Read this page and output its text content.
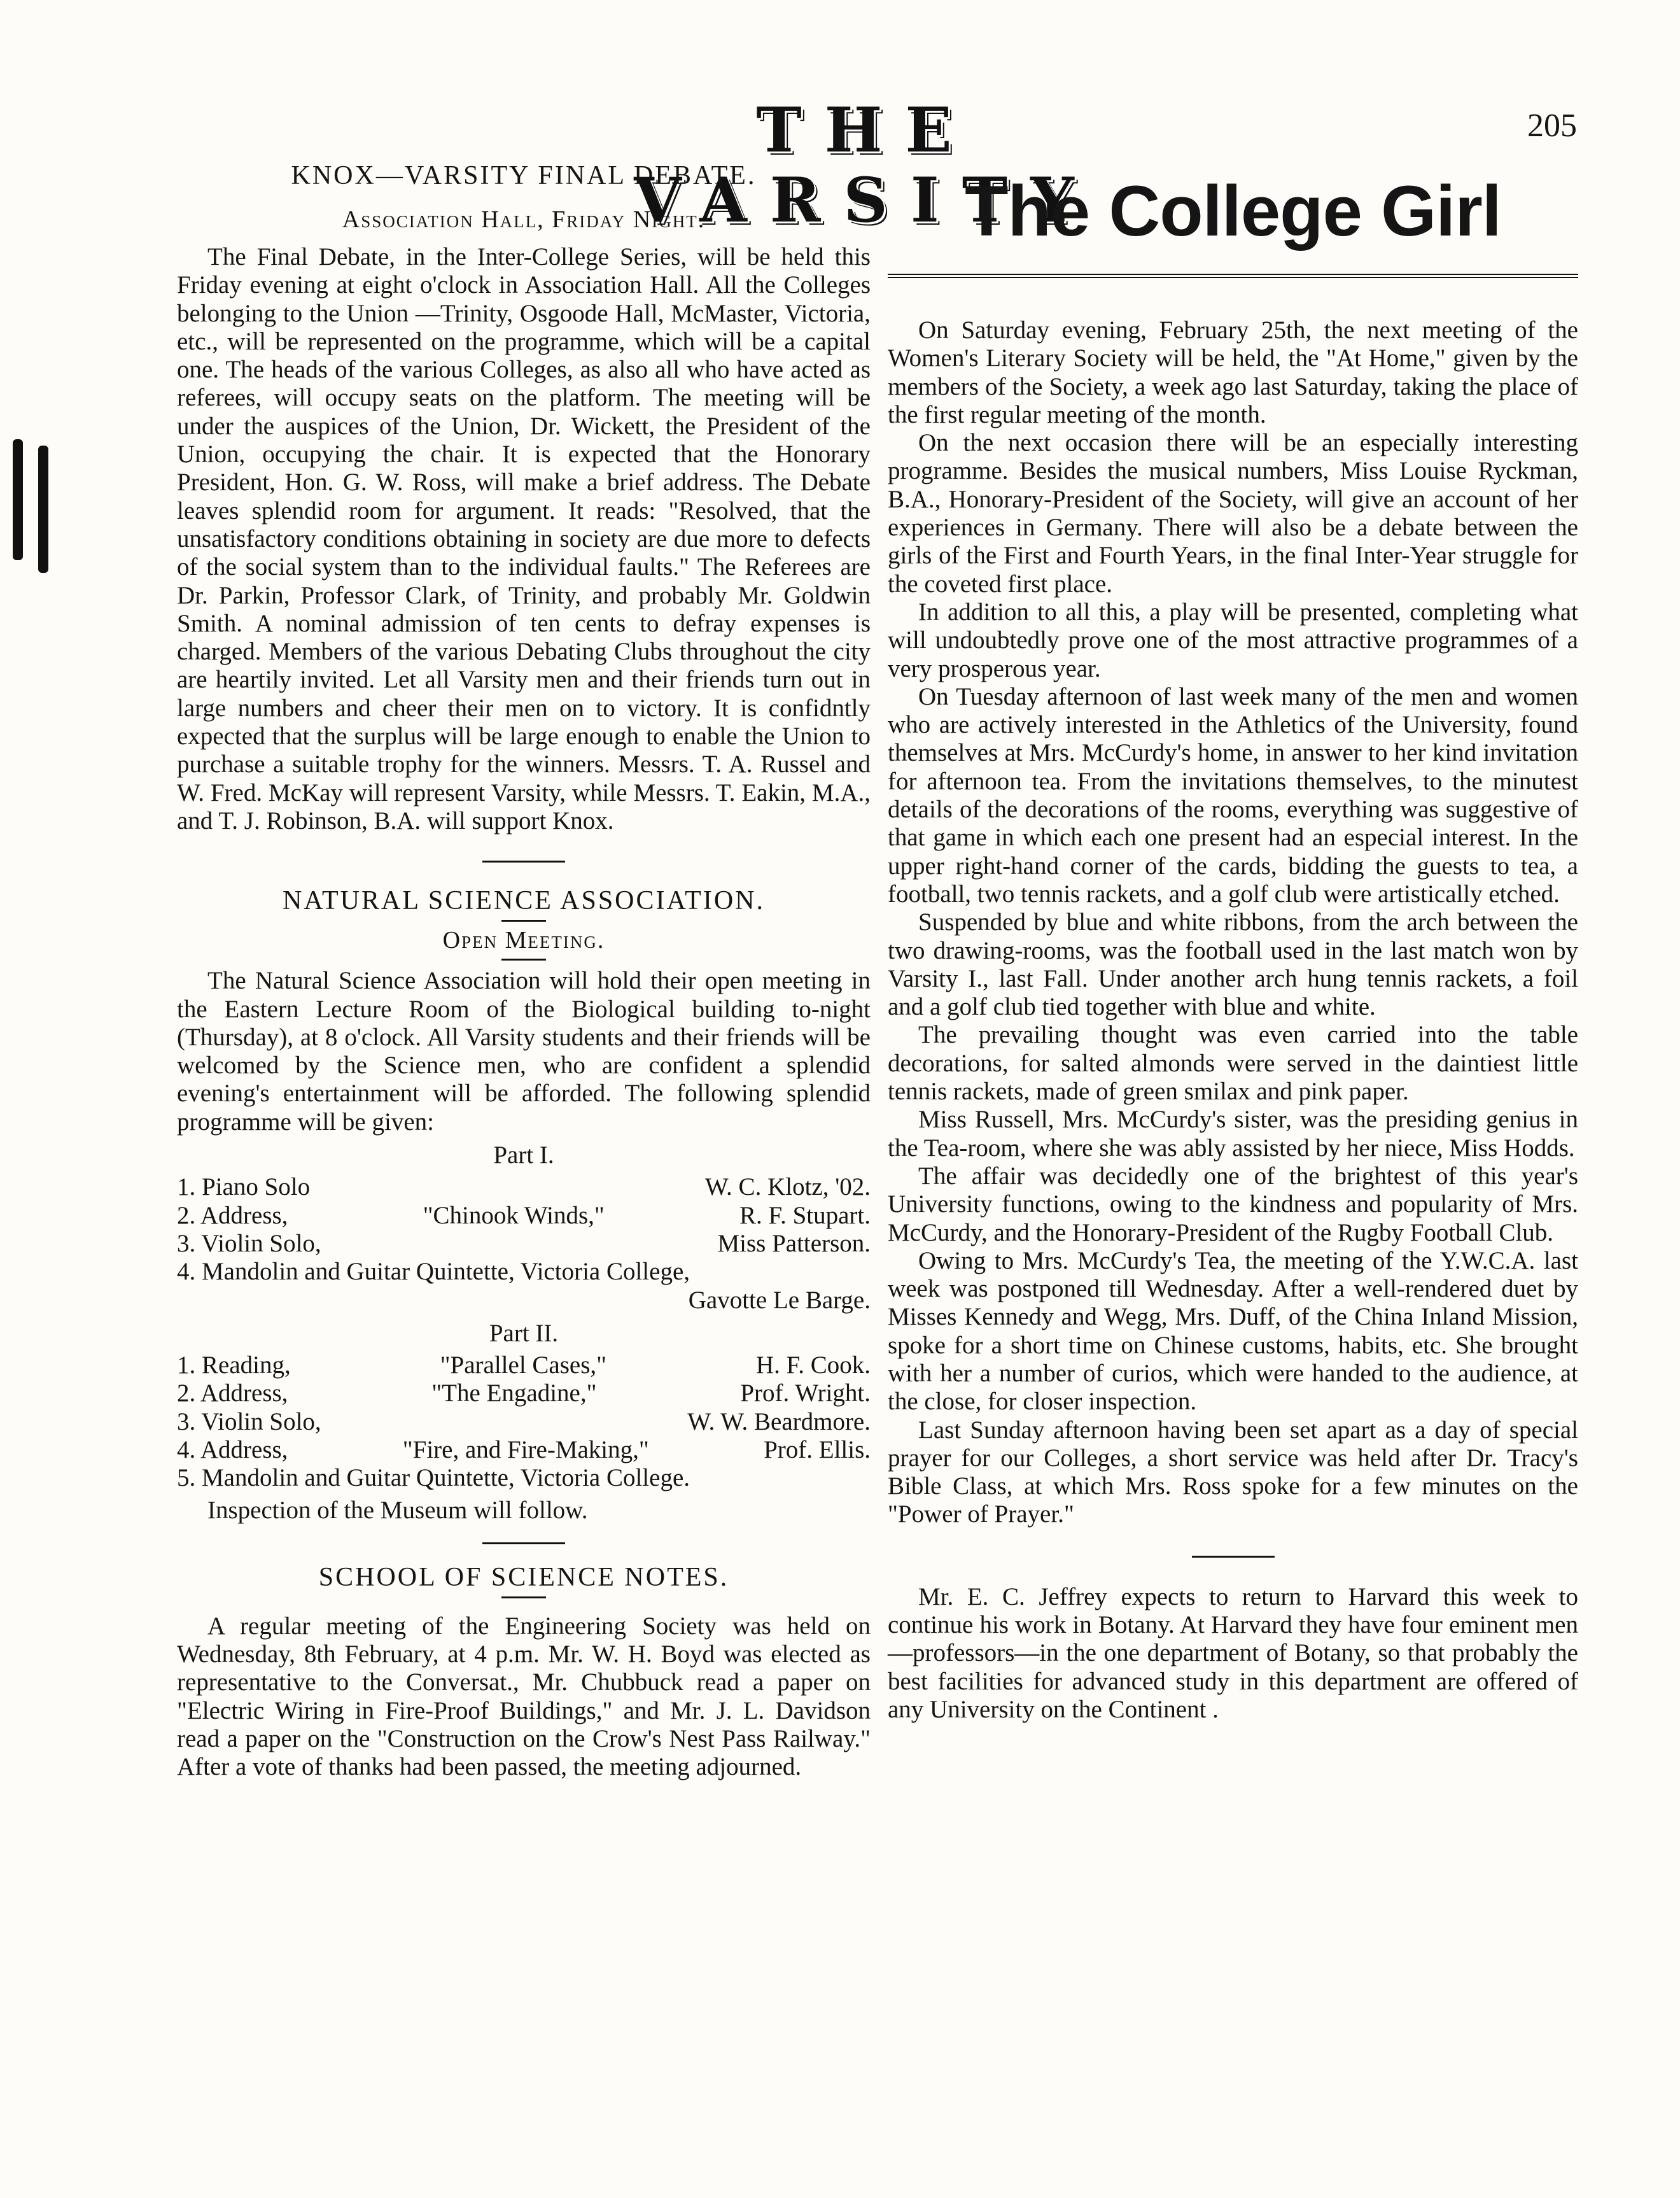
THE VARSITY
205
KNOX—VARSITY FINAL DEBATE.
Association Hall, Friday Night.

The Final Debate, in the Inter-College Series, will be held this Friday evening at eight o'clock in Association Hall. All the Colleges belonging to the Union —Trinity, Osgoode Hall, McMaster, Victoria, etc., will be represented on the programme, which will be a capital one. The heads of the various Colleges, as also all who have acted as referees, will occupy seats on the platform. The meeting will be under the auspices of the Union, Dr. Wickett, the President of the Union, occupying the chair. It is expected that the Honorary President, Hon. G. W. Ross, will make a brief address. The Debate leaves splendid room for argument. It reads: "Resolved, that the unsatisfactory conditions obtaining in society are due more to defects of the social system than to the individual faults." The Referees are Dr. Parkin, Professor Clark, of Trinity, and probably Mr. Goldwin Smith. A nominal admission of ten cents to defray expenses is charged. Members of the various Debating Clubs throughout the city are heartily invited. Let all Varsity men and their friends turn out in large numbers and cheer their men on to victory. It is confidntly expected that the surplus will be large enough to enable the Union to purchase a suitable trophy for the winners. Messrs. T. A. Russel and W. Fred. McKay will represent Varsity, while Messrs. T. Eakin, M.A., and T. J. Robinson, B.A. will support Knox.

NATURAL SCIENCE ASSOCIATION.
Open Meeting.

The Natural Science Association will hold their open meeting in the Eastern Lecture Room of the Biological building to-night (Thursday), at 8 o'clock. All Varsity students and their friends will be welcomed by the Science men, who are confident a splendid evening's entertainment will be afforded. The following splendid programme will be given:

Part I.
1. Piano Solo	W. C. Klotz, '02.
2. Address,	"Chinook Winds,"	R. F. Stupart.
3. Violin Solo,	Miss Patterson.
4. Mandolin and Guitar Quintette, Victoria College,
Gavotte Le Barge.
Part II.
1. Reading,	"Parallel Cases,"	H. F. Cook.
2. Address,	"The Engadine,"	Prof. Wright.
3. Violin Solo,	W. W. Beardmore.
4. Address,	"Fire, and Fire-Making,"	Prof. Ellis.
5. Mandolin and Guitar Quintette, Victoria College.
Inspection of the Museum will follow.
SCHOOL OF SCIENCE NOTES.

A regular meeting of the Engineering Society was held on Wednesday, 8th February, at 4 p.m. Mr. W. H. Boyd was elected as representative to the Conversat., Mr. Chubbuck read a paper on "Electric Wiring in Fire-Proof Buildings," and Mr. J. L. Davidson read a paper on the "Construction on the Crow's Nest Pass Railway." After a vote of thanks had been passed, the meeting adjourned.

The College Girl

On Saturday evening, February 25th, the next meeting of the Women's Literary Society will be held, the "At Home," given by the members of the Society, a week ago last Saturday, taking the place of the first regular meeting of the month.

On the next occasion there will be an especially interesting programme. Besides the musical numbers, Miss Louise Ryckman, B.A., Honorary-President of the Society, will give an account of her experiences in Germany. There will also be a debate between the girls of the First and Fourth Years, in the final Inter-Year struggle for the coveted first place.

In addition to all this, a play will be presented, completing what will undoubtedly prove one of the most attractive programmes of a very prosperous year.

On Tuesday afternoon of last week many of the men and women who are actively interested in the Athletics of the University, found themselves at Mrs. McCurdy's home, in answer to her kind invitation for afternoon tea. From the invitations themselves, to the minutest details of the decorations of the rooms, everything was suggestive of that game in which each one present had an especial interest. In the upper right-hand corner of the cards, bidding the guests to tea, a football, two tennis rackets, and a golf club were artistically etched.

Suspended by blue and white ribbons, from the arch between the two drawing-rooms, was the football used in the last match won by Varsity I., last Fall. Under another arch hung tennis rackets, a foil and a golf club tied together with blue and white.

The prevailing thought was even carried into the table decorations, for salted almonds were served in the daintiest little tennis rackets, made of green smilax and pink paper.

Miss Russell, Mrs. McCurdy's sister, was the presiding genius in the Tea-room, where she was ably assisted by her niece, Miss Hodds.

The affair was decidedly one of the brightest of this year's University functions, owing to the kindness and popularity of Mrs. McCurdy, and the Honorary-President of the Rugby Football Club.

Owing to Mrs. McCurdy's Tea, the meeting of the Y.W.C.A. last week was postponed till Wednesday. After a well-rendered duet by Misses Kennedy and Wegg, Mrs. Duff, of the China Inland Mission, spoke for a short time on Chinese customs, habits, etc. She brought with her a number of curios, which were handed to the audience, at the close, for closer inspection.

Last Sunday afternoon having been set apart as a day of special prayer for our Colleges, a short service was held after Dr. Tracy's Bible Class, at which Mrs. Ross spoke for a few minutes on the "Power of Prayer."

Mr. E. C. Jeffrey expects to return to Harvard this week to continue his work in Botany. At Harvard they have four eminent men—professors—in the one department of Botany, so that probably the best facilities for advanced study in this department are offered of any University on the Continent .
